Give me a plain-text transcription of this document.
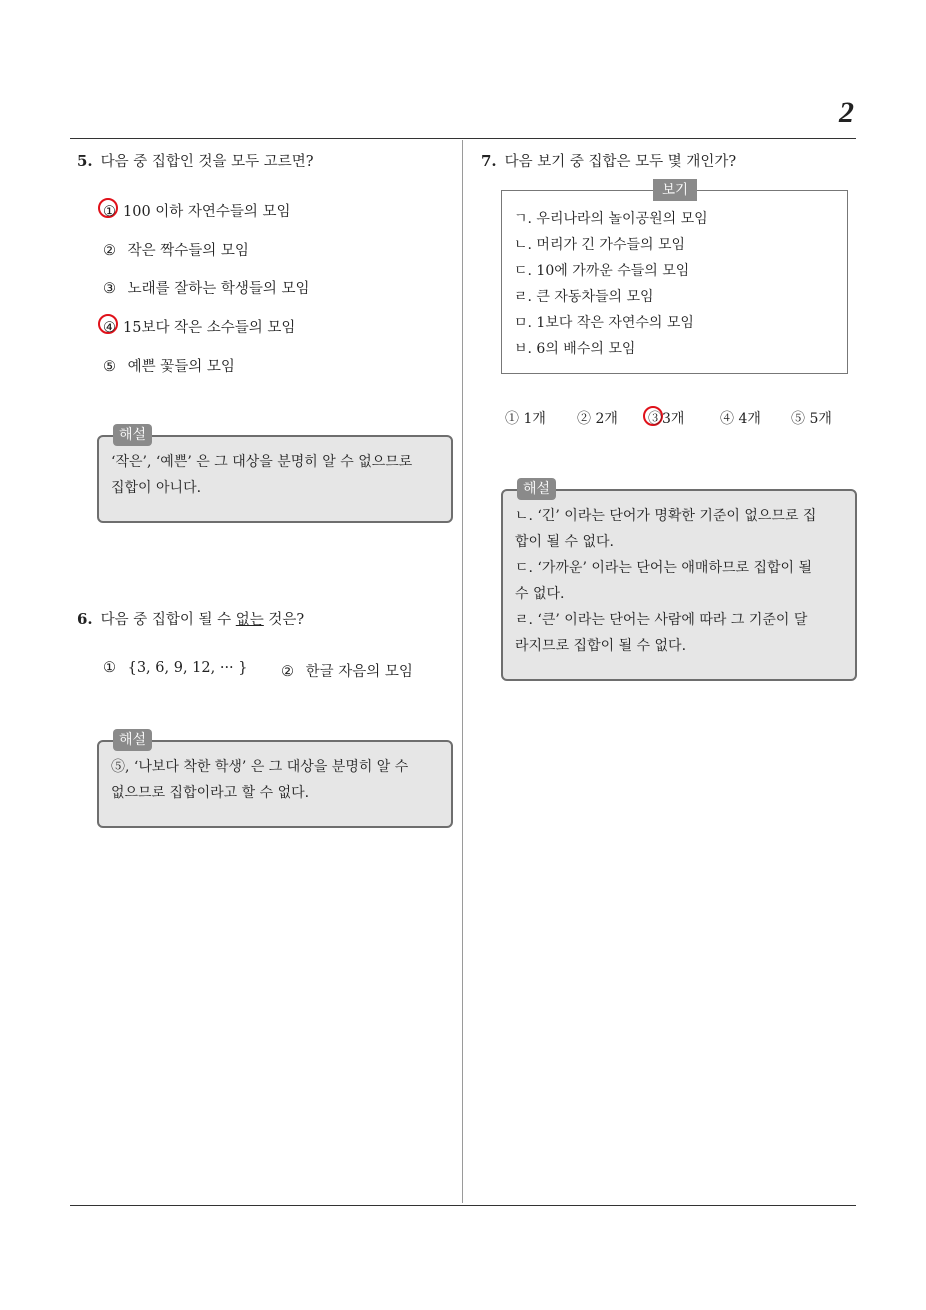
2
5. 다음 중 집합인 것을 모두 고르면?
① 100 이하 자연수들의 모임
② 작은 짝수들의 모임
③ 노래를 잘하는 학생들의 모임
④ 15보다 작은 소수들의 모임
⑤ 예쁜 꽃들의 모임
‘작은’, ‘예쁜’ 은 그 대상을 분명히 알 수 없으므로
집합이 아니다.
해설
6. 다음 중 집합이 될 수 없는 것은?
① {3, 6, 9, 12, ··· } ② 한글 자음의 모임
⑤, ‘나보다 착한 학생’ 은 그 대상을 분명히 알 수
없으므로 집합이라고 할 수 없다.
해설
7. 다음 보기 중 집합은 모두 몇 개인가?
보기
ㄱ. 우리나라의 놀이공원의 모임
ㄴ. 머리가 긴 가수들의 모임
ㄷ. 10에 가까운 수들의 모임
ㄹ. 큰 자동차들의 모임
ㅁ. 1보다 작은 자연수의 모임
ㅂ. 6의 배수의 모임
① 1개 ② 2개 ③3개	④ 4개 ⑤ 5개
ㄴ. ‘긴’ 이라는 단어가 명확한 기준이 없으므로 집
합이 될 수 없다.
ㄷ. ‘가까운’ 이라는 단어는 애매하므로 집합이 될
수 없다.
ㄹ. ‘큰’ 이라는 단어는 사람에 따라 그 기준이 달
라지므로 집합이 될 수 없다.
해설
